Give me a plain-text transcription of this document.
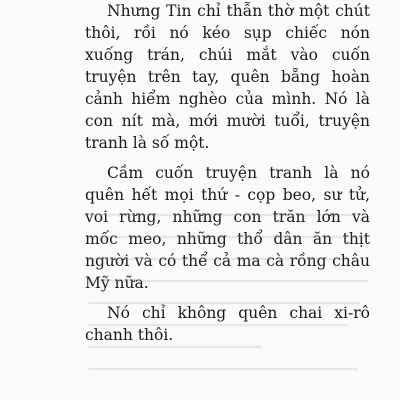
Nhưng Tin chỉ thẫn thờ một chút thôi, rồi nó kéo sụp chiếc nón xuống trán, chúi mắt vào cuốn truyện trên tay, quên bẵng hoàn cảnh hiểm nghèo của mình. Nó là con nít mà, mới mười tuổi, truyện tranh là số một.

Cầm cuốn truyện tranh là nó quên hết mọi thứ - cọp beo, sư tử, voi rừng, những con trăn lớn và mốc meo, những thổ dân ăn thịt người và có thể cả ma cà rồng châu Mỹ nữa.

Nó chỉ không quên chai xi-rô chanh thôi.
